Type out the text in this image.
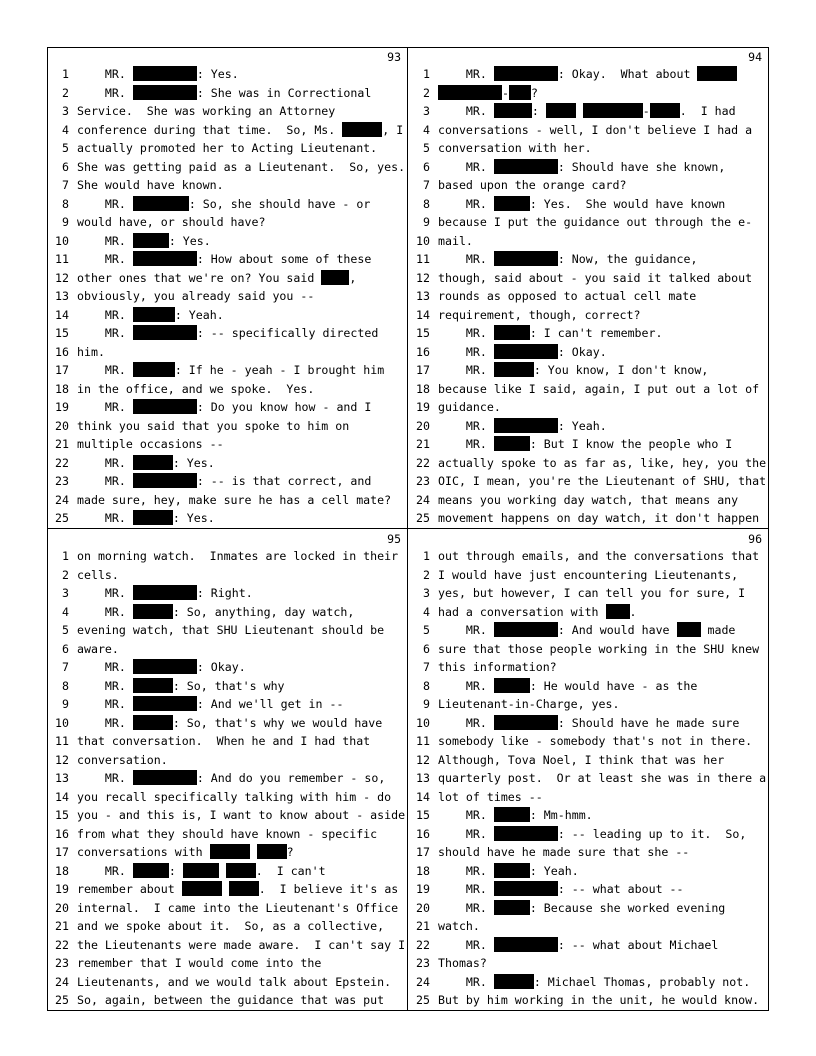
93
1 MR.	: Yes.
2 MR.	: She was in Correctional
3 Service.  She was working an Attorney
4 conference during that time.  So, Ms.	, I
5 actually promoted her to Acting Lieutenant.
6 She was getting paid as a Lieutenant.  So, yes.
7 She would have known.
8 MR.	: So, she should have - or
9 would have, or should have?
10 MR.	: Yes.
11 MR.	: How about some of these
12 other ones that we're on? You said ,
13 obviously, you already said you --
14 MR.	: Yeah.
15 MR.	: -- specifically directed
16 him.
17 MR.	: If he - yeah - I brought him
18 in the office, and we spoke.  Yes.
19 MR.	: Do you know how - and I
20 think you said that you spoke to him on
21 multiple occasions --
22 MR.	: Yes.
23 MR.	: -- is that correct, and
24 made sure, hey, make sure he has a cell mate?
25 MR.	: Yes.
94
1 MR.	: Okay.  What about
2	- ?
3 MR.	:	-	.  I had
4 conversations - well, I don't believe I had a
5 conversation with her.
6 MR.	: Should have she known,
7 based upon the orange card?
8 MR.	: Yes.  She would have known
9 because I put the guidance out through the e-
10 mail.
11 MR.	: Now, the guidance,
12 though, said about - you said it talked about
13 rounds as opposed to actual cell mate
14 requirement, though, correct?
15 MR.	: I can't remember.
16 MR.	: Okay.
17 MR.	: You know, I don't know,
18 because like I said, again, I put out a lot of
19 guidance.
20 MR.	: Yeah.
21 MR.	: But I know the people who I
22 actually spoke to as far as, like, hey, you the
23 OIC, I mean, you're the Lieutenant of SHU, that
24 means you working day watch, that means any
25 movement happens on day watch, it don't happen
95
1 on morning watch.  Inmates are locked in their
2 cells.
3 MR.	: Right.
4 MR.	: So, anything, day watch,
5 evening watch, that SHU Lieutenant should be
6 aware.
7 MR.	: Okay.
8 MR.	: So, that's why
9 MR.	: And we'll get in --
10 MR.	: So, that's why we would have
11 that conversation.  When he and I had that
12 conversation.
13 MR.	: And do you remember - so,
14 you recall specifically talking with him - do
15 you - and this is, I want to know about - aside
16 from what they should have known - specific
17 conversations with	?
18 MR.	:	.  I can't
19 remember about	.  I believe it's as
20 internal.  I came into the Lieutenant's Office
21 and we spoke about it.  So, as a collective,
22 the Lieutenants were made aware.  I can't say I
23 remember that I would come into the
24 Lieutenants, and we would talk about Epstein.
25 So, again, between the guidance that was put
96
1 out through emails, and the conversations that
2 I would have just encountering Lieutenants,
3 yes, but however, I can tell you for sure, I
4 had a conversation with .
5 MR.	: And would have  made
6 sure that those people working in the SHU knew
7 this information?
8 MR.	: He would have - as the
9 Lieutenant-in-Charge, yes.
10 MR.	: Should have he made sure
11 somebody like - somebody that's not in there.
12 Although, Tova Noel, I think that was her
13 quarterly post.  Or at least she was in there a
14 lot of times --
15 MR.	: Mm-hmm.
16 MR.	: -- leading up to it.  So,
17 should have he made sure that she --
18 MR.	: Yeah.
19 MR.	: -- what about --
20 MR.	: Because she worked evening
21 watch.
22 MR.	: -- what about Michael
23 Thomas?
24 MR.	: Michael Thomas, probably not.
25 But by him working in the unit, he would know.
